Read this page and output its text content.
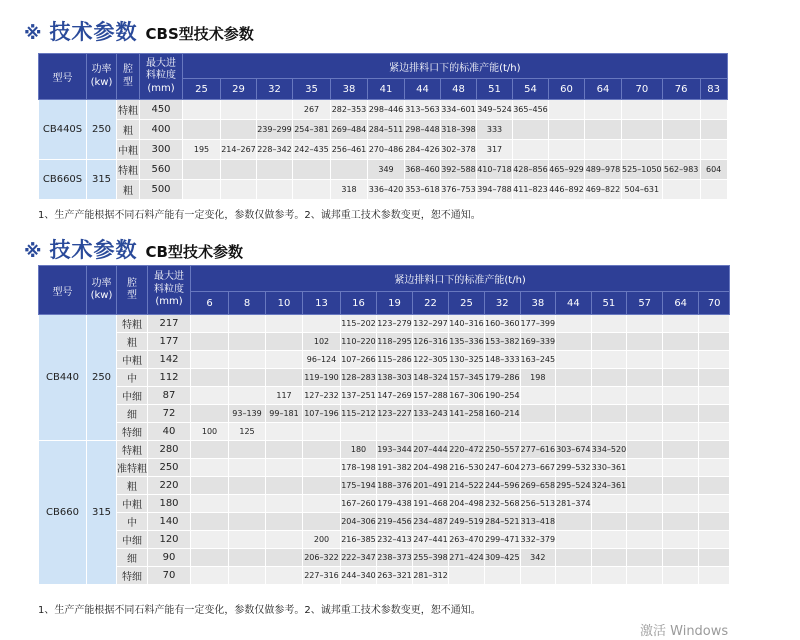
※ 技术参数 CBS型技术参数
型号	功率
(kw)	腔
型	最大进
料粒度
(mm)	紧边排料口下的标准产能(t/h)														
				25	29	32	35	38	41	44	48	51	54	60	64	70	76	83
CB440S	250	特粗	450				267	282–353	298–446	313–563	334–601	349–524	365–456					
		粗	400			239–299	254–381	269–484	284–511	298–448	318–398	333						
		中粗	300	195	214–267	228–342	242–435	256–461	270–486	284–426	302–378	317						
CB660S	315	特粗	560						349	368–460	392–588	410–718	428–856	465–929	489–978	525–1050	562–983	604
		粗	500					318	336–420	353–618	376–753	394–788	411–823	446–892	469–822	504–631		
1、生产产能根据不同石料产能有一定变化，参数仅做参考。2、诚邦重工技术参数变更，恕不通知。
※ 技术参数 CB型技术参数
型号	功率
(kw)	腔
型	最大进
料粒度
(mm)	紧边排料口下的标准产能(t/h)														
				6	8	10	13	16	19	22	25	32	38	44	51	57	64	70
CB440	250	特粗	217					115–202	123–279	132–297	140–316	160–360	177–399					
		粗	177				102	110–220	118–295	126–316	135–336	153–382	169–339					
		中粗	142				96–124	107–266	115–286	122–305	130–325	148–333	163–245					
		中	112				119–190	128–283	138–303	148–324	157–345	179–286	198					
		中细	87			117	127–232	137–251	147–269	157–288	167–306	190–254						
		细	72		93–139	99–181	107–196	115–212	123–227	133–243	141–258	160–214						
		特细	40	100	125													
CB660	315	特粗	280					180	193–344	207–444	220–472	250–557	277–616	303–674	334–520			
		准特粗	250					178–198	191–382	204–498	216–530	247–604	273–667	299–532	330–361			
		粗	220					175–194	188–376	201–491	214–522	244–596	269–658	295–524	324–361			
		中粗	180					167–260	179–438	191–468	204–498	232–568	256–513	281–374				
		中	140					204–306	219–456	234–487	249–519	284–521	313–418					
		中细	120				200	216–385	232–413	247–441	263–470	299–471	332–379					
		细	90				206–322	222–347	238–373	255–398	271–424	309–425	342					
		特细	70				227–316	244–340	263–321	281–312								
1、生产产能根据不同石料产能有一定变化，参数仅做参考。2、诚邦重工技术参数变更，恕不通知。
激活 Windows
